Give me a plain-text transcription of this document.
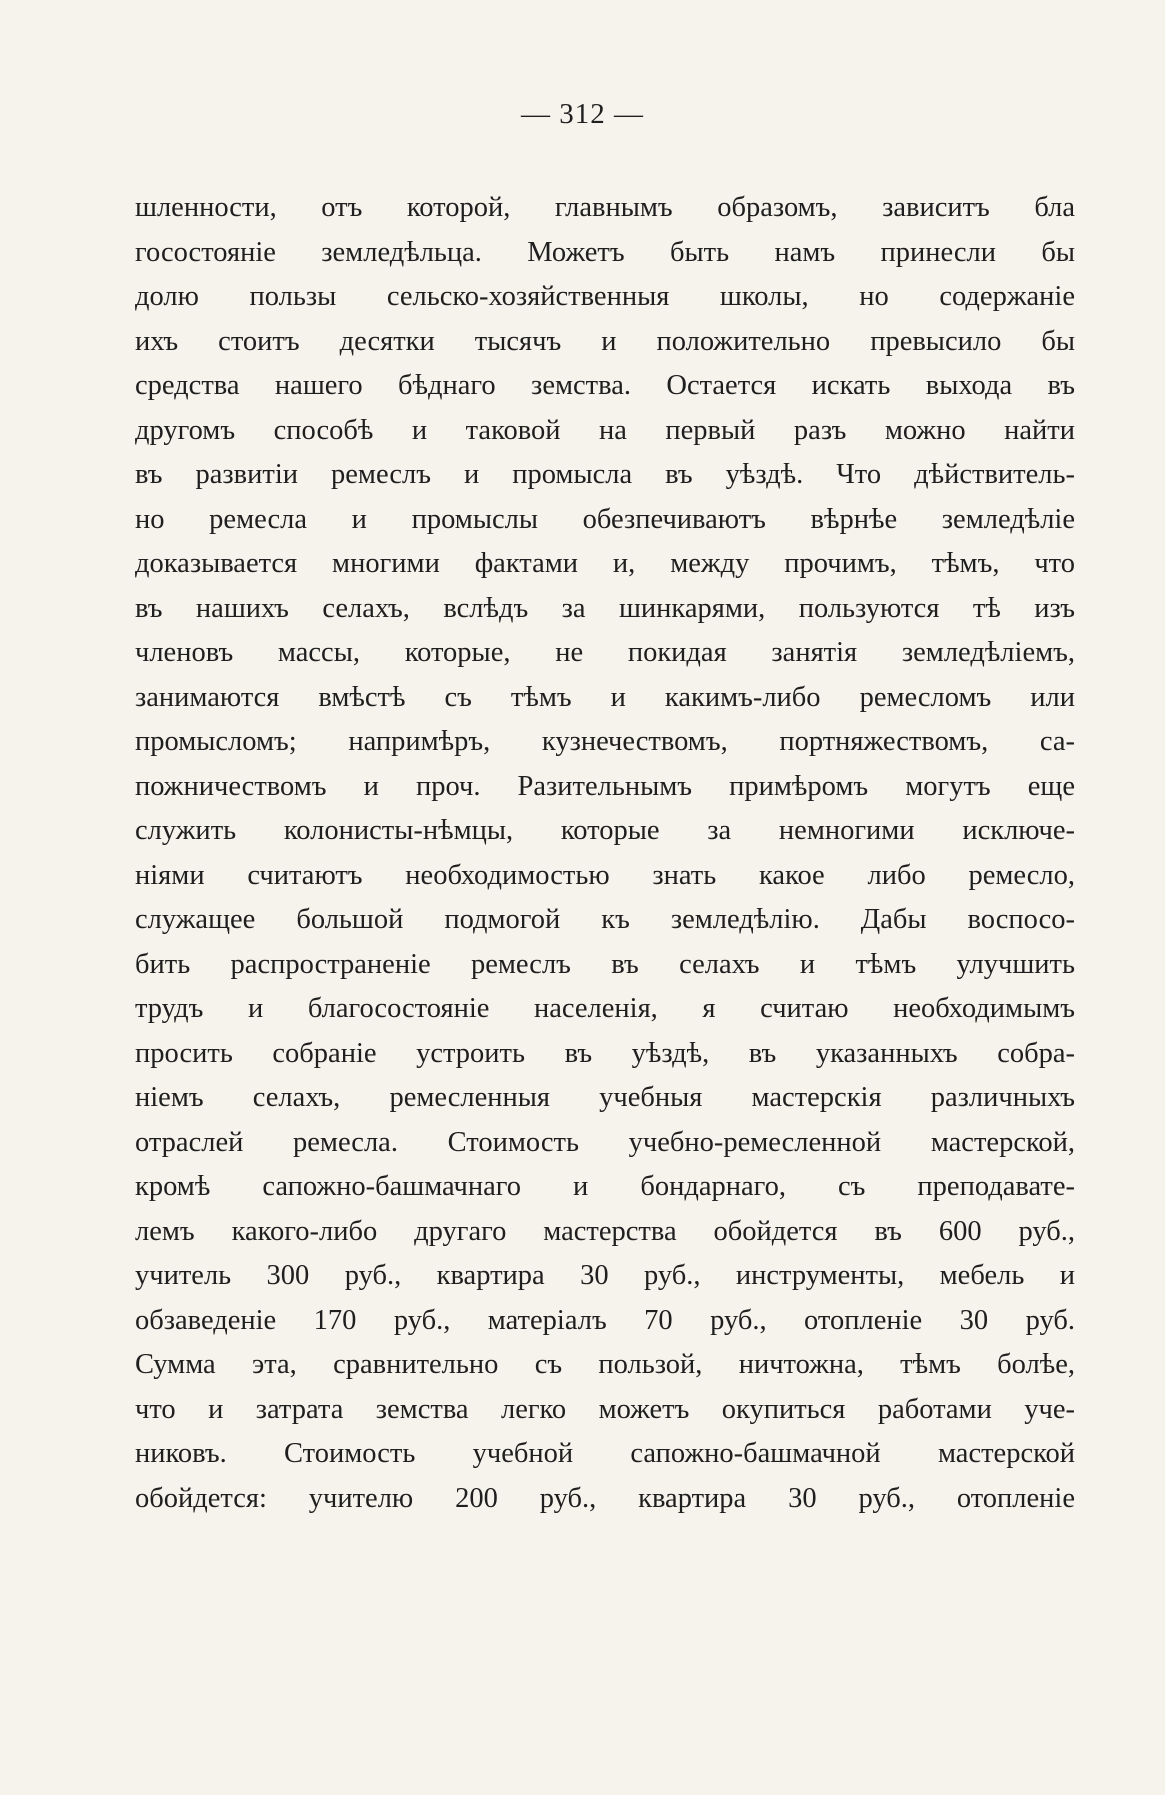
— 312 —
шленности, отъ которой, главнымъ образомъ, зависитъ бла
госостояніе земледѣльца. Можетъ быть намъ принесли бы
долю пользы сельско-хозяйственныя школы, но содержаніе
ихъ стоитъ десятки тысячъ и положительно превысило бы
средства нашего бѣднаго земства. Остается искать выхода въ
другомъ способѣ и таковой на первый разъ можно найти
въ развитіи ремеслъ и промысла въ уѣздѣ. Что дѣйствитель-
но ремесла и промыслы обезпечиваютъ вѣрнѣе земледѣліе
доказывается многими фактами и, между прочимъ, тѣмъ, что
въ нашихъ селахъ, вслѣдъ за шинкарями, пользуются тѣ изъ
членовъ массы, которые, не покидая занятія земледѣліемъ,
занимаются вмѣстѣ съ тѣмъ и какимъ-либо ремесломъ или
промысломъ; напримѣръ, кузнечествомъ, портняжествомъ, са-
пожничествомъ и проч. Разительнымъ примѣромъ могутъ еще
служить колонисты-нѣмцы, которые за немногими исключе-
ніями считаютъ необходимостью знать какое либо ремесло,
служащее большой подмогой къ земледѣлію. Дабы воспосо-
бить распространеніе ремеслъ въ селахъ и тѣмъ улучшить
трудъ и благосостояніе населенія, я считаю необходимымъ
просить собраніе устроить въ уѣздѣ, въ указанныхъ собра-
ніемъ селахъ, ремесленныя учебныя мастерскія различныхъ
отраслей ремесла. Стоимость учебно-ремесленной мастерской,
кромѣ сапожно-башмачнаго и бондарнаго, съ преподавате-
лемъ какого-либо другаго мастерства обойдется въ 600 руб.,
учитель 300 руб., квартира 30 руб., инструменты, мебель и
обзаведеніе 170 руб., матеріалъ 70 руб., отопленіе 30 руб.
Сумма эта, сравнительно съ пользой, ничтожна, тѣмъ болѣе,
что и затрата земства легко можетъ окупиться работами уче-
никовъ. Стоимость учебной сапожно-башмачной мастерской
обойдется: учителю 200 руб., квартира 30 руб., отопленіе
